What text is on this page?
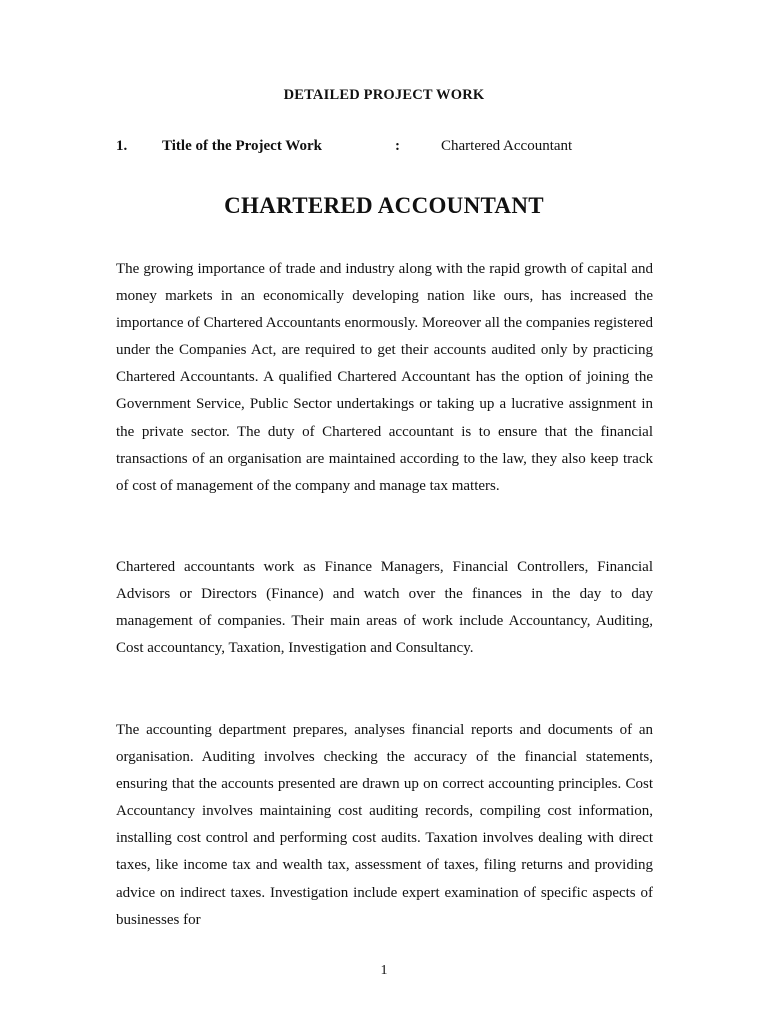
DETAILED PROJECT WORK
1. Title of the Project Work	:	Chartered Accountant
CHARTERED ACCOUNTANT

The growing importance of trade and industry along with the rapid growth of capital and money markets in an economically developing nation like ours, has increased the importance of Chartered Accountants enormously. Moreover all the companies registered under the Companies Act, are required to get their accounts audited only by practicing Chartered Accountants. A qualified Chartered Accountant has the option of joining the Government Service, Public Sector undertakings or taking up a lucrative assignment in the private sector. The duty of Chartered accountant is to ensure that the financial transactions of an organisation are maintained according to the law, they also keep track of cost of management of the company and manage tax matters.

Chartered accountants work as Finance Managers, Financial Controllers, Financial Advisors or Directors (Finance) and watch over the finances in the day to day management of companies. Their main areas of work include Accountancy, Auditing, Cost accountancy, Taxation, Investigation and Consultancy.

The accounting department prepares, analyses financial reports and documents of an organisation. Auditing involves checking the accuracy of the financial statements, ensuring that the accounts presented are drawn up on correct accounting principles. Cost Accountancy involves maintaining cost auditing records, compiling cost information, installing cost control and performing cost audits. Taxation involves dealing with direct taxes, like income tax and wealth tax, assessment of taxes, filing returns and providing advice on indirect taxes. Investigation include expert examination of specific aspects of businesses for

1
